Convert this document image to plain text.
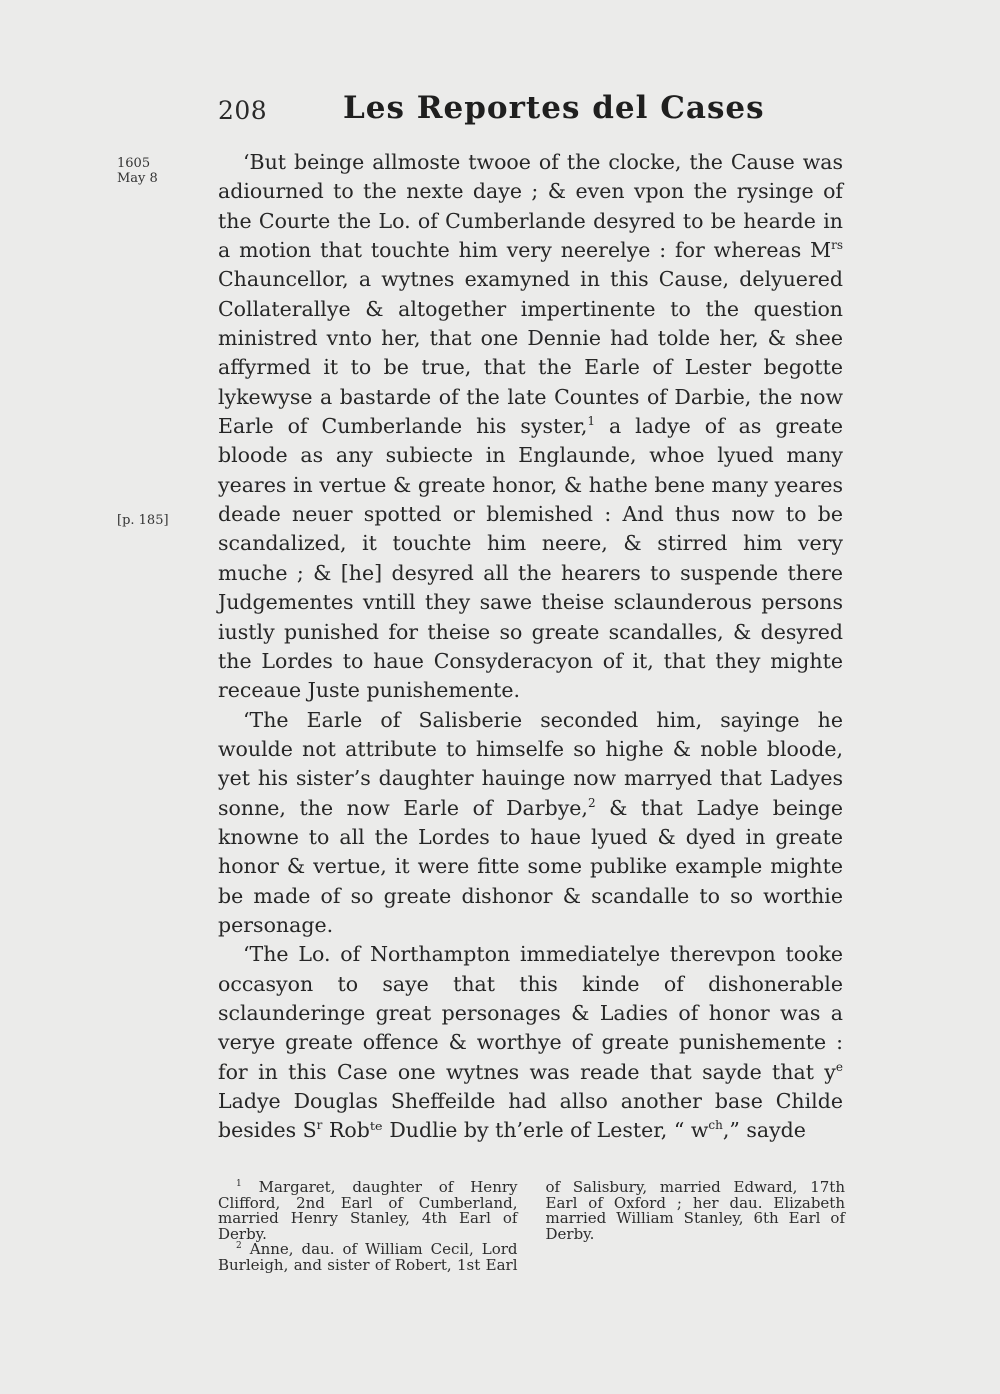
208 Les Reportes del Cases
1605
May 8
[p. 185]

‘But beinge allmoste twooe of the clocke, the Cause was adiourned to the nexte daye ; & even vpon the rysinge of the Courte the Lo. of Cumberlande desyred to be hearde in a motion that touchte him very neerelye : for whereas $M^{rs}$ Chauncellor, a wytnes examyned in this Cause, delyuered Collaterallye & altogether impertinente to the question ministred vnto her, that one Dennie had tolde her, & shee affyrmed it to be true, that the Earle of Lester begotte lykewyse a bastarde of the late Countes of Darbie, the now Earle of Cumberlande his syster,$^1$ a ladye of as greate bloode as any subiecte in Englaunde, whoe lyued many yeares in vertue & greate honor, & hathe bene many yeares deade neuer spotted or blemished : And thus now to be scandalized, it touchte him neere, & stirred him very muche ; & [he] desyred all the hearers to suspende there Judgementes vntill they sawe theise sclaunderous persons iustly punished for theise so greate scandalles, & desyred the Lordes to haue Consyderacyon of it, that they mighte receaue Juste punishemente.

‘The Earle of Salisberie seconded him, sayinge he woulde not attribute to himselfe so highe & noble bloode, yet his sister’s daughter hauinge now marryed that Ladyes sonne, the now Earle of Darbye,$^2$ & that Ladye beinge knowne to all the Lordes to haue lyued & dyed in greate honor & vertue, it were fitte some publike example mighte be made of so greate dishonor & scandalle to so worthie personage.

‘The Lo. of Northampton immediatelye therevpon tooke occasyon to saye that this kinde of dishonerable sclaunderinge great personages & Ladies of honor was a verye greate offence & worthye of greate punishemente : for in this Case one wytnes was reade that sayde that $y^e$ Ladye Douglas Sheffeilde had allso another base Childe besides $S^r$ Robᵗᵉ Dudlie by th’erle of Lester, “ $w^{ch}$,” sayde

$^1$ Margaret, daughter of Henry Clifford, 2nd Earl of Cumberland, married Henry Stanley, 4th Earl of Derby.

$^2$ Anne, dau. of William Cecil, Lord Burleigh, and sister of Robert, 1st Earl of Salisbury, married Edward, 17th Earl of Oxford ; her dau. Elizabeth married William Stanley, 6th Earl of Derby.
